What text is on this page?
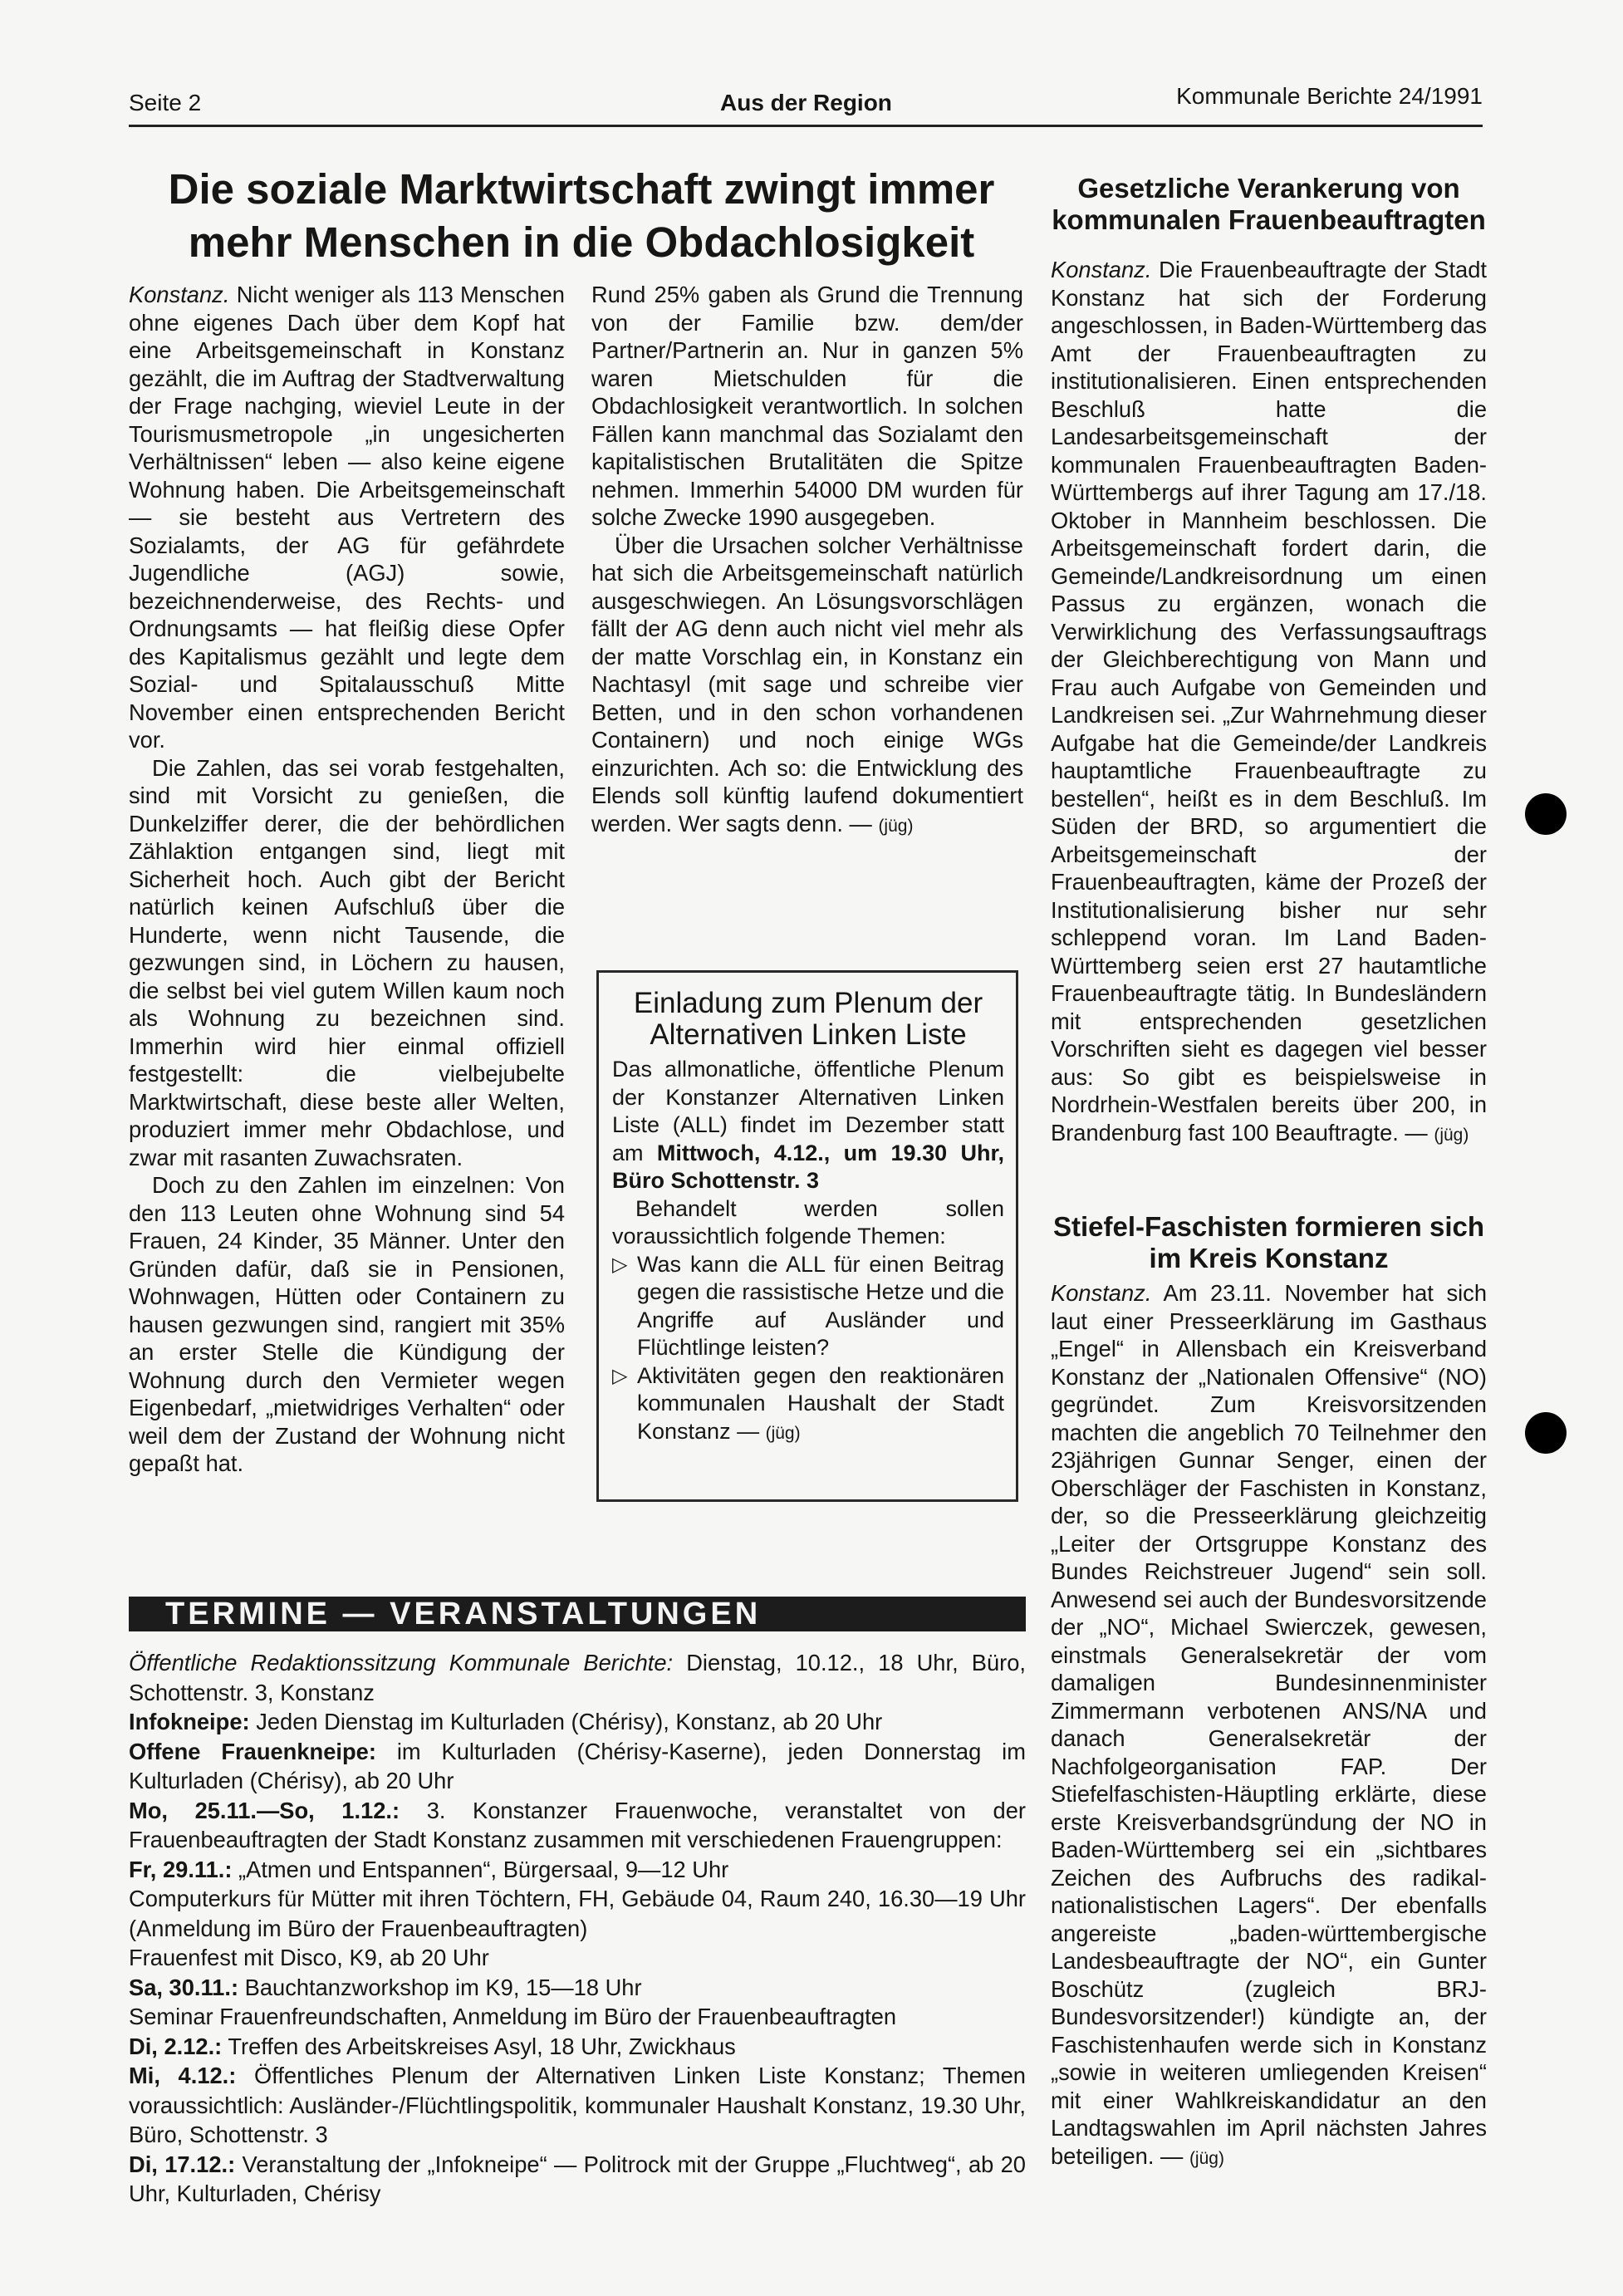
Seite 2	Aus der Region	Kommunale Berichte 24/1991
Die soziale Marktwirtschaft zwingt immer mehr Menschen in die Obdachlosigkeit

Konstanz. Nicht weniger als 113 Menschen ohne eigenes Dach über dem Kopf hat eine Arbeitsgemeinschaft in Konstanz gezählt, die im Auftrag der Stadtverwaltung der Frage nachging, wieviel Leute in der Tourismusmetropole „in ungesicherten Verhältnissen“ leben — also keine eigene Wohnung haben. Die Arbeitsgemeinschaft — sie besteht aus Vertretern des Sozialamts, der AG für gefährdete Jugendliche (AGJ) sowie, bezeichnenderweise, des Rechts- und Ordnungsamts — hat fleißig diese Opfer des Kapitalismus gezählt und legte dem Sozial- und Spitalausschuß Mitte November einen entsprechenden Bericht vor.

Die Zahlen, das sei vorab festgehalten, sind mit Vorsicht zu genießen, die Dunkelziffer derer, die der behördlichen Zählaktion entgangen sind, liegt mit Sicherheit hoch. Auch gibt der Bericht natürlich keinen Aufschluß über die Hunderte, wenn nicht Tausende, die gezwungen sind, in Löchern zu hausen, die selbst bei viel gutem Willen kaum noch als Wohnung zu bezeichnen sind. Immerhin wird hier einmal offiziell festgestellt: die vielbejubelte Marktwirtschaft, diese beste aller Welten, produziert immer mehr Obdachlose, und zwar mit rasanten Zuwachsraten.

Doch zu den Zahlen im einzelnen: Von den 113 Leuten ohne Wohnung sind 54 Frauen, 24 Kinder, 35 Männer. Unter den Gründen dafür, daß sie in Pensionen, Wohnwagen, Hütten oder Containern zu hausen gezwungen sind, rangiert mit 35% an erster Stelle die Kündigung der Wohnung durch den Vermieter wegen Eigenbedarf, „mietwidriges Verhalten“ oder weil dem der Zustand der Wohnung nicht gepaßt hat.

Rund 25% gaben als Grund die Trennung von der Familie bzw. dem/der Partner/Partnerin an. Nur in ganzen 5% waren Mietschulden für die Obdachlosigkeit verantwortlich. In solchen Fällen kann manchmal das Sozialamt den kapitalistischen Brutalitäten die Spitze nehmen. Immerhin 54000 DM wurden für solche Zwecke 1990 ausgegeben.

Über die Ursachen solcher Verhältnisse hat sich die Arbeitsgemeinschaft natürlich ausgeschwiegen. An Lösungsvorschlägen fällt der AG denn auch nicht viel mehr als der matte Vorschlag ein, in Konstanz ein Nachtasyl (mit sage und schreibe vier Betten, und in den schon vorhandenen Containern) und noch einige WGs einzurichten. Ach so: die Entwicklung des Elends soll künftig laufend dokumentiert werden. Wer sagts denn. — (jüg)

Einladung zum Plenum der Alternativen Linken Liste

Das allmonatliche, öffentliche Plenum der Konstanzer Alternativen Linken Liste (ALL) findet im Dezember statt am Mittwoch, 4.12., um 19.30 Uhr, Büro Schottenstr. 3

Behandelt werden sollen voraussichtlich folgende Themen:

▷ Was kann die ALL für einen Beitrag gegen die rassistische Hetze und die Angriffe auf Ausländer und Flüchtlinge leisten?
▷ Aktivitäten gegen den reaktionären kommunalen Haushalt der Stadt Konstanz — (jüg)
Gesetzliche Verankerung von kommunalen Frauenbeauftragten

Konstanz. Die Frauenbeauftragte der Stadt Konstanz hat sich der Forderung angeschlossen, in Baden-Württemberg das Amt der Frauenbeauftragten zu institutionalisieren. Einen entsprechenden Beschluß hatte die Landesarbeitsgemeinschaft der kommunalen Frauenbeauftragten Baden-Württembergs auf ihrer Tagung am 17./18. Oktober in Mannheim beschlossen. Die Arbeitsgemeinschaft fordert darin, die Gemeinde/Landkreisordnung um einen Passus zu ergänzen, wonach die Verwirklichung des Verfassungsauftrags der Gleichberechtigung von Mann und Frau auch Aufgabe von Gemeinden und Landkreisen sei. „Zur Wahrnehmung dieser Aufgabe hat die Gemeinde/der Landkreis hauptamtliche Frauenbeauftragte zu bestellen“, heißt es in dem Beschluß. Im Süden der BRD, so argumentiert die Arbeitsgemeinschaft der Frauenbeauftragten, käme der Prozeß der Institutionalisierung bisher nur sehr schleppend voran. Im Land Baden-Württemberg seien erst 27 hautamtliche Frauenbeauftragte tätig. In Bundesländern mit entsprechenden gesetzlichen Vorschriften sieht es dagegen viel besser aus: So gibt es beispielsweise in Nordrhein-Westfalen bereits über 200, in Brandenburg fast 100 Beauftragte. — (jüg)

Stiefel-Faschisten formieren sich im Kreis Konstanz

Konstanz. Am 23.11. November hat sich laut einer Presseerklärung im Gasthaus „Engel“ in Allensbach ein Kreisverband Konstanz der „Nationalen Offensive“ (NO) gegründet. Zum Kreisvorsitzenden machten die angeblich 70 Teilnehmer den 23jährigen Gunnar Senger, einen der Oberschläger der Faschisten in Konstanz, der, so die Presseerklärung gleichzeitig „Leiter der Ortsgruppe Konstanz des Bundes Reichstreuer Jugend“ sein soll. Anwesend sei auch der Bundesvorsitzende der „NO“, Michael Swierczek, gewesen, einstmals Generalsekretär der vom damaligen Bundesinnenminister Zimmermann verbotenen ANS/NA und danach Generalsekretär der Nachfolgeorganisation FAP. Der Stiefelfaschisten-Häuptling erklärte, diese erste Kreisverbandsgründung der NO in Baden-Württemberg sei ein „sichtbares Zeichen des Aufbruchs des radikal-nationalistischen Lagers“. Der ebenfalls angereiste „baden-württembergische Landesbeauftragte der NO“, ein Gunter Boschütz (zugleich BRJ-Bundesvorsitzender!) kündigte an, der Faschistenhaufen werde sich in Konstanz „sowie in weiteren umliegenden Kreisen“ mit einer Wahlkreiskandidatur an den Landtagswahlen im April nächsten Jahres beteiligen. — (jüg)

TERMINE — VERANSTALTUNGEN

Öffentliche Redaktionssitzung Kommunale Berichte: Dienstag, 10.12., 18 Uhr, Büro, Schottenstr. 3, Konstanz

Infokneipe: Jeden Dienstag im Kulturladen (Chérisy), Konstanz, ab 20 Uhr

Offene Frauenkneipe: im Kulturladen (Chérisy-Kaserne), jeden Donnerstag im Kulturladen (Chérisy), ab 20 Uhr

Mo, 25.11.—So, 1.12.: 3. Konstanzer Frauenwoche, veranstaltet von der Frauenbeauftragten der Stadt Konstanz zusammen mit verschiedenen Frauengruppen:

Fr, 29.11.: „Atmen und Entspannen“, Bürgersaal, 9—12 Uhr

Computerkurs für Mütter mit ihren Töchtern, FH, Gebäude 04, Raum 240, 16.30—19 Uhr (Anmeldung im Büro der Frauenbeauftragten)

Frauenfest mit Disco, K9, ab 20 Uhr

Sa, 30.11.: Bauchtanzworkshop im K9, 15—18 Uhr

Seminar Frauenfreundschaften, Anmeldung im Büro der Frauenbeauftragten

Di, 2.12.: Treffen des Arbeitskreises Asyl, 18 Uhr, Zwickhaus

Mi, 4.12.: Öffentliches Plenum der Alternativen Linken Liste Konstanz; Themen voraussichtlich: Ausländer-/Flüchtlingspolitik, kommunaler Haushalt Konstanz, 19.30 Uhr, Büro, Schottenstr. 3

Di, 17.12.: Veranstaltung der „Infokneipe“ — Politrock mit der Gruppe „Fluchtweg“, ab 20 Uhr, Kulturladen, Chérisy
